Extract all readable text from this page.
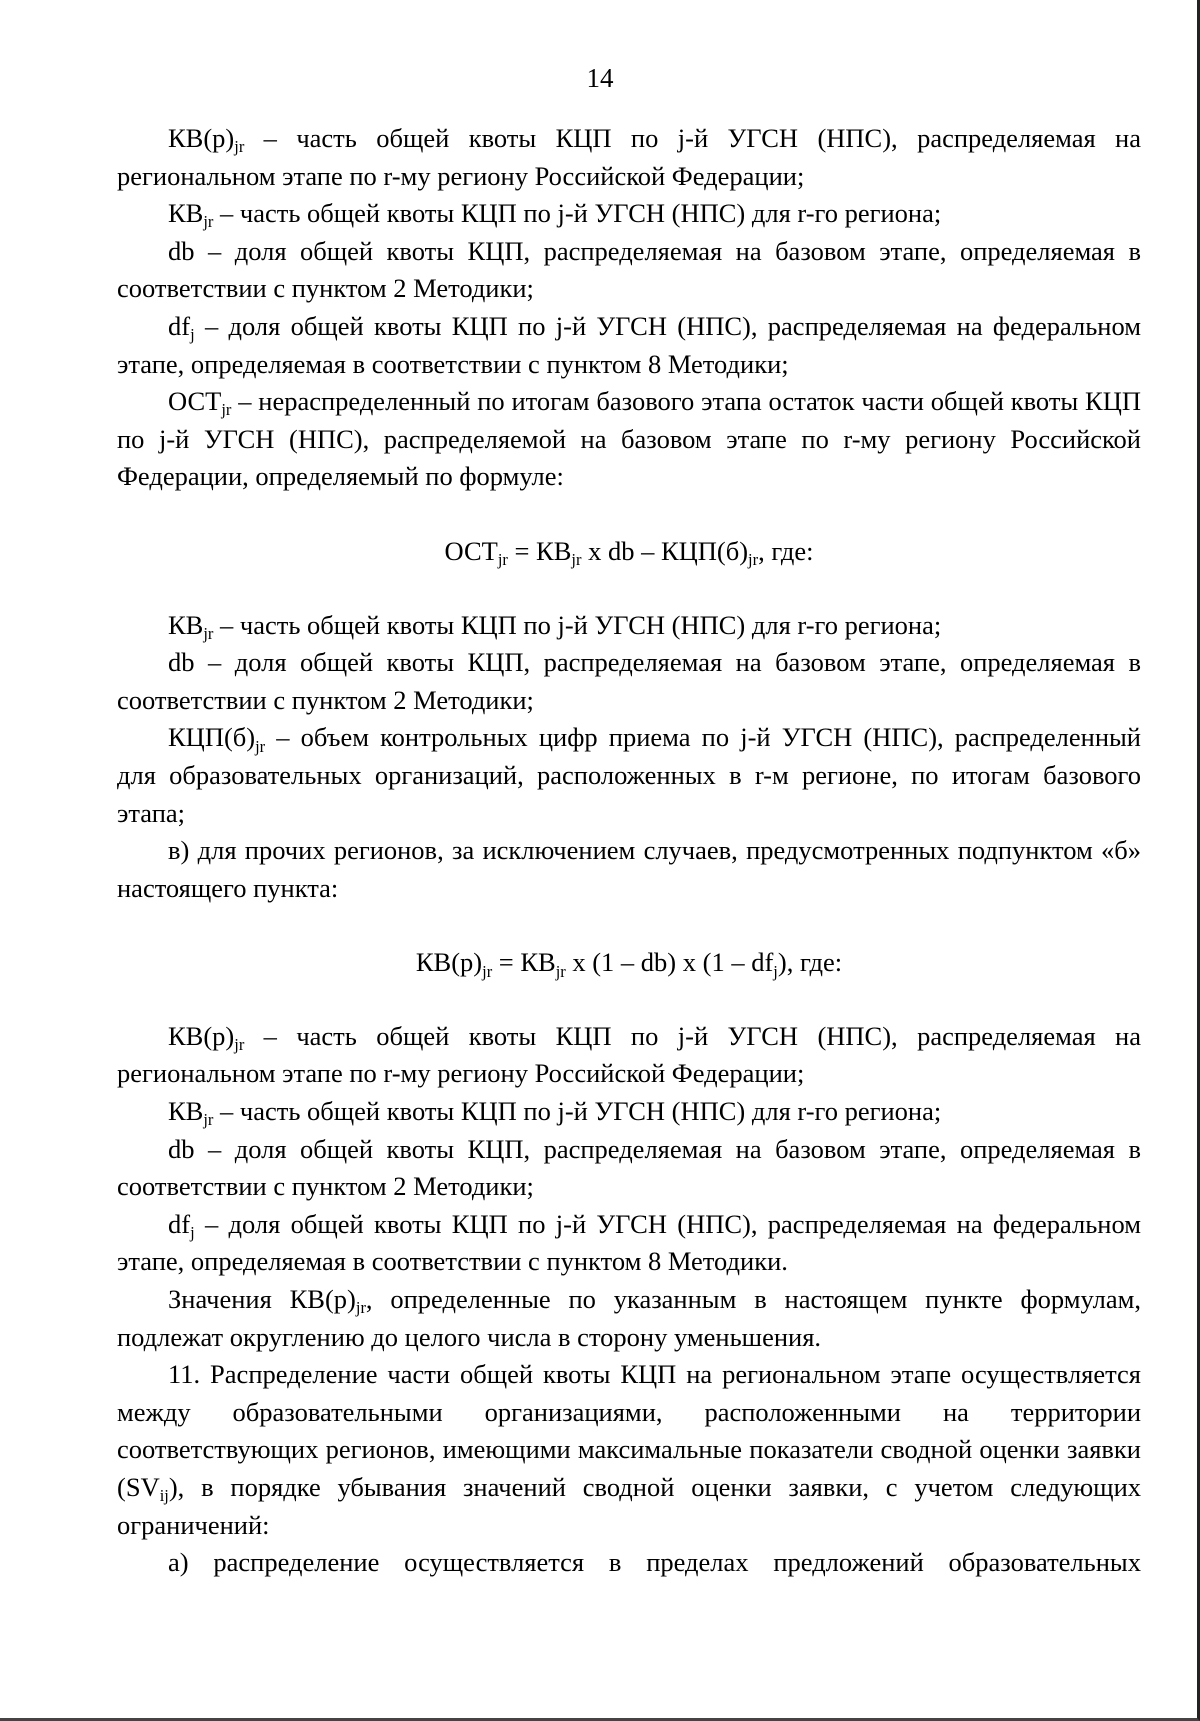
14

$КВ(р)_{jr}$ – часть общей квоты КЦП по j-й УГСН (НПС), распределяемая на региональном этапе по r-му региону Российской Федерации;

$КВ_{jr}$ – часть общей квоты КЦП по j-й УГСН (НПС) для r-го региона;

db – доля общей квоты КЦП, распределяемая на базовом этапе, определяемая в соответствии с пунктом 2 Методики;

$df_j$ – доля общей квоты КЦП по j-й УГСН (НПС), распределяемая на федеральном этапе, определяемая в соответствии с пунктом 8 Методики;

$ОСТ_{jr}$ – нераспределенный по итогам базового этапа остаток части общей квоты КЦП по j-й УГСН (НПС), распределяемой на базовом этапе по r-му региону Российской Федерации, определяемый по формуле:

$ОСТ_{jr} = КВ_{jr}$ x db – $КЦП(б)_{jr}$, где:

$КВ_{jr}$ – часть общей квоты КЦП по j-й УГСН (НПС) для r-го региона;

db – доля общей квоты КЦП, распределяемая на базовом этапе, определяемая в соответствии с пунктом 2 Методики;

$КЦП(б)_{jr}$ – объем контрольных цифр приема по j-й УГСН (НПС), распределенный для образовательных организаций, расположенных в r-м регионе, по итогам базового этапа;

в) для прочих регионов, за исключением случаев, предусмотренных подпунктом «б» настоящего пункта:

$КВ(р)_{jr} = КВ_{jr}$ x (1 – db) x $(1 - df_j)$, где:

$КВ(р)_{jr}$ – часть общей квоты КЦП по j-й УГСН (НПС), распределяемая на региональном этапе по r-му региону Российской Федерации;

$КВ_{jr}$ – часть общей квоты КЦП по j-й УГСН (НПС) для r-го региона;

db – доля общей квоты КЦП, распределяемая на базовом этапе, определяемая в соответствии с пунктом 2 Методики;

$df_j$ – доля общей квоты КЦП по j-й УГСН (НПС), распределяемая на федеральном этапе, определяемая в соответствии с пунктом 8 Методики.

Значения $КВ(р)_{jr}$, определенные по указанным в настоящем пункте формулам, подлежат округлению до целого числа в сторону уменьшения.

11. Распределение части общей квоты КЦП на региональном этапе осуществляется между образовательными организациями, расположенными на территории соответствующих регионов, имеющими максимальные показатели сводной оценки заявки $(SV_{ij})$, в порядке убывания значений сводной оценки заявки, с учетом следующих ограничений:

а) распределение осуществляется в пределах предложений образовательных
